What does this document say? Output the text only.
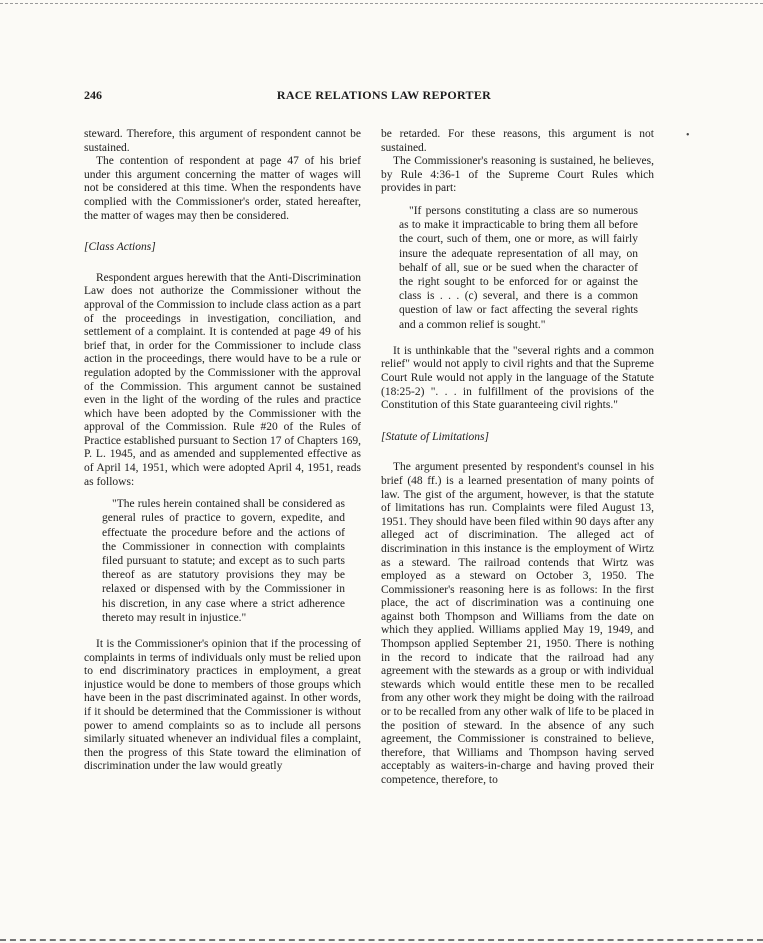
246	RACE RELATIONS LAW REPORTER
•

steward. Therefore, this argument of respondent cannot be sustained.

The contention of respondent at page 47 of his brief under this argument concerning the matter of wages will not be considered at this time. When the respondents have complied with the Commissioner's order, stated hereafter, the matter of wages may then be considered.

[Class Actions]

Respondent argues herewith that the Anti-Discrimination Law does not authorize the Commissioner without the approval of the Commission to include class action as a part of the proceedings in investigation, conciliation, and settlement of a complaint. It is contended at page 49 of his brief that, in order for the Commissioner to include class action in the proceedings, there would have to be a rule or regulation adopted by the Commissioner with the approval of the Commission. This argument cannot be sustained even in the light of the wording of the rules and practice which have been adopted by the Commissioner with the approval of the Commission. Rule #20 of the Rules of Practice established pursuant to Section 17 of Chapters 169, P. L. 1945, and as amended and supplemented effective as of April 14, 1951, which were adopted April 4, 1951, reads as follows:

"The rules herein contained shall be considered as general rules of practice to govern, expedite, and effectuate the procedure before and the actions of the Commissioner in connection with complaints filed pursuant to statute; and except as to such parts thereof as are statutory provisions they may be relaxed or dispensed with by the Commissioner in his discretion, in any case where a strict adherence thereto may result in injustice."

It is the Commissioner's opinion that if the processing of complaints in terms of individuals only must be relied upon to end discriminatory practices in employment, a great injustice would be done to members of those groups which have been in the past discriminated against. In other words, if it should be determined that the Commissioner is without power to amend complaints so as to include all persons similarly situated whenever an individual files a complaint, then the progress of this State toward the elimination of discrimination under the law would greatly

be retarded. For these reasons, this argument is not sustained.

The Commissioner's reasoning is sustained, he believes, by Rule 4:36-1 of the Supreme Court Rules which provides in part:

"If persons constituting a class are so numerous as to make it impracticable to bring them all before the court, such of them, one or more, as will fairly insure the adequate representation of all may, on behalf of all, sue or be sued when the character of the right sought to be enforced for or against the class is . . . (c) several, and there is a common question of law or fact affecting the several rights and a common relief is sought."

It is unthinkable that the "several rights and a common relief" would not apply to civil rights and that the Supreme Court Rule would not apply in the language of the Statute (18:25-2) ". . . in fulfillment of the provisions of the Constitution of this State guaranteeing civil rights."

[Statute of Limitations]

The argument presented by respondent's counsel in his brief (48 ff.) is a learned presentation of many points of law. The gist of the argument, however, is that the statute of limitations has run. Complaints were filed August 13, 1951. They should have been filed within 90 days after any alleged act of discrimination. The alleged act of discrimination in this instance is the employment of Wirtz as a steward. The railroad contends that Wirtz was employed as a steward on October 3, 1950. The Commissioner's reasoning here is as follows: In the first place, the act of discrimination was a continuing one against both Thompson and Williams from the date on which they applied. Williams applied May 19, 1949, and Thompson applied September 21, 1950. There is nothing in the record to indicate that the railroad had any agreement with the stewards as a group or with individual stewards which would entitle these men to be recalled from any other work they might be doing with the railroad or to be recalled from any other walk of life to be placed in the position of steward. In the absence of any such agreement, the Commissioner is constrained to believe, therefore, that Williams and Thompson having served acceptably as waiters-in-charge and having proved their competence, therefore, to
